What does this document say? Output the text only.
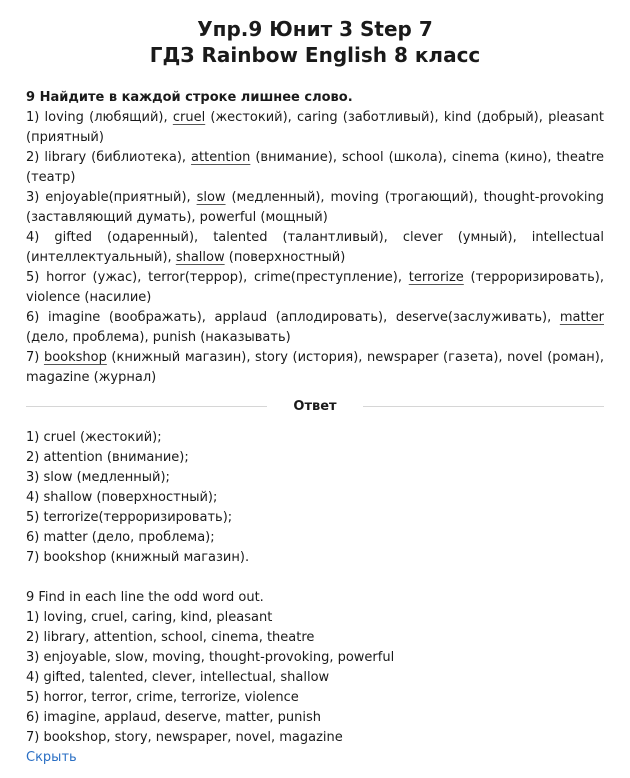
Упр.9 Юнит 3 Step 7
ГДЗ Rainbow English 8 класс
9 Найдите в каждой строке лишнее слово.
1) loving (любящий), cruel (жестокий), caring (заботливый), kind (добрый), pleasant (приятный)
2) library (библиотека), attention (внимание), school (школа), cinema (кино), theatre (театр)
3) enjoyable(приятный), slow (медленный), moving (трогающий), thought-provoking (заставляющий думать), powerful (мощный)
4) gifted (одаренный), talented (талантливый), clever (умный), intellectual (интеллектуальный), shallow (поверхностный)
5) horror (ужас), terror(террор), crime(преступление), terrorize (терроризировать), violence (насилие)
6) imagine (воображать), applaud (аплодировать), deserve(заслуживать), matter (дело, проблема), punish (наказывать)
7) bookshop (книжный магазин), story (история), newspaper (газета), novel (роман), magazine (журнал)
Ответ
1) cruel (жестокий);
2) attention (внимание);
3) slow (медленный);
4) shallow (поверхностный);
5) terrorize(терроризировать);
6) matter (дело, проблема);
7) bookshop (книжный магазин).
9 Find in each line the odd word out.
1) loving, cruel, caring, kind, pleasant
2) library, attention, school, cinema, theatre
3) enjoyable, slow, moving, thought-provoking, powerful
4) gifted, talented, clever, intellectual, shallow
5) horror, terror, crime, terrorize, violence
6) imagine, applaud, deserve, matter, punish
7) bookshop, story, newspaper, novel, magazine
Скрыть
